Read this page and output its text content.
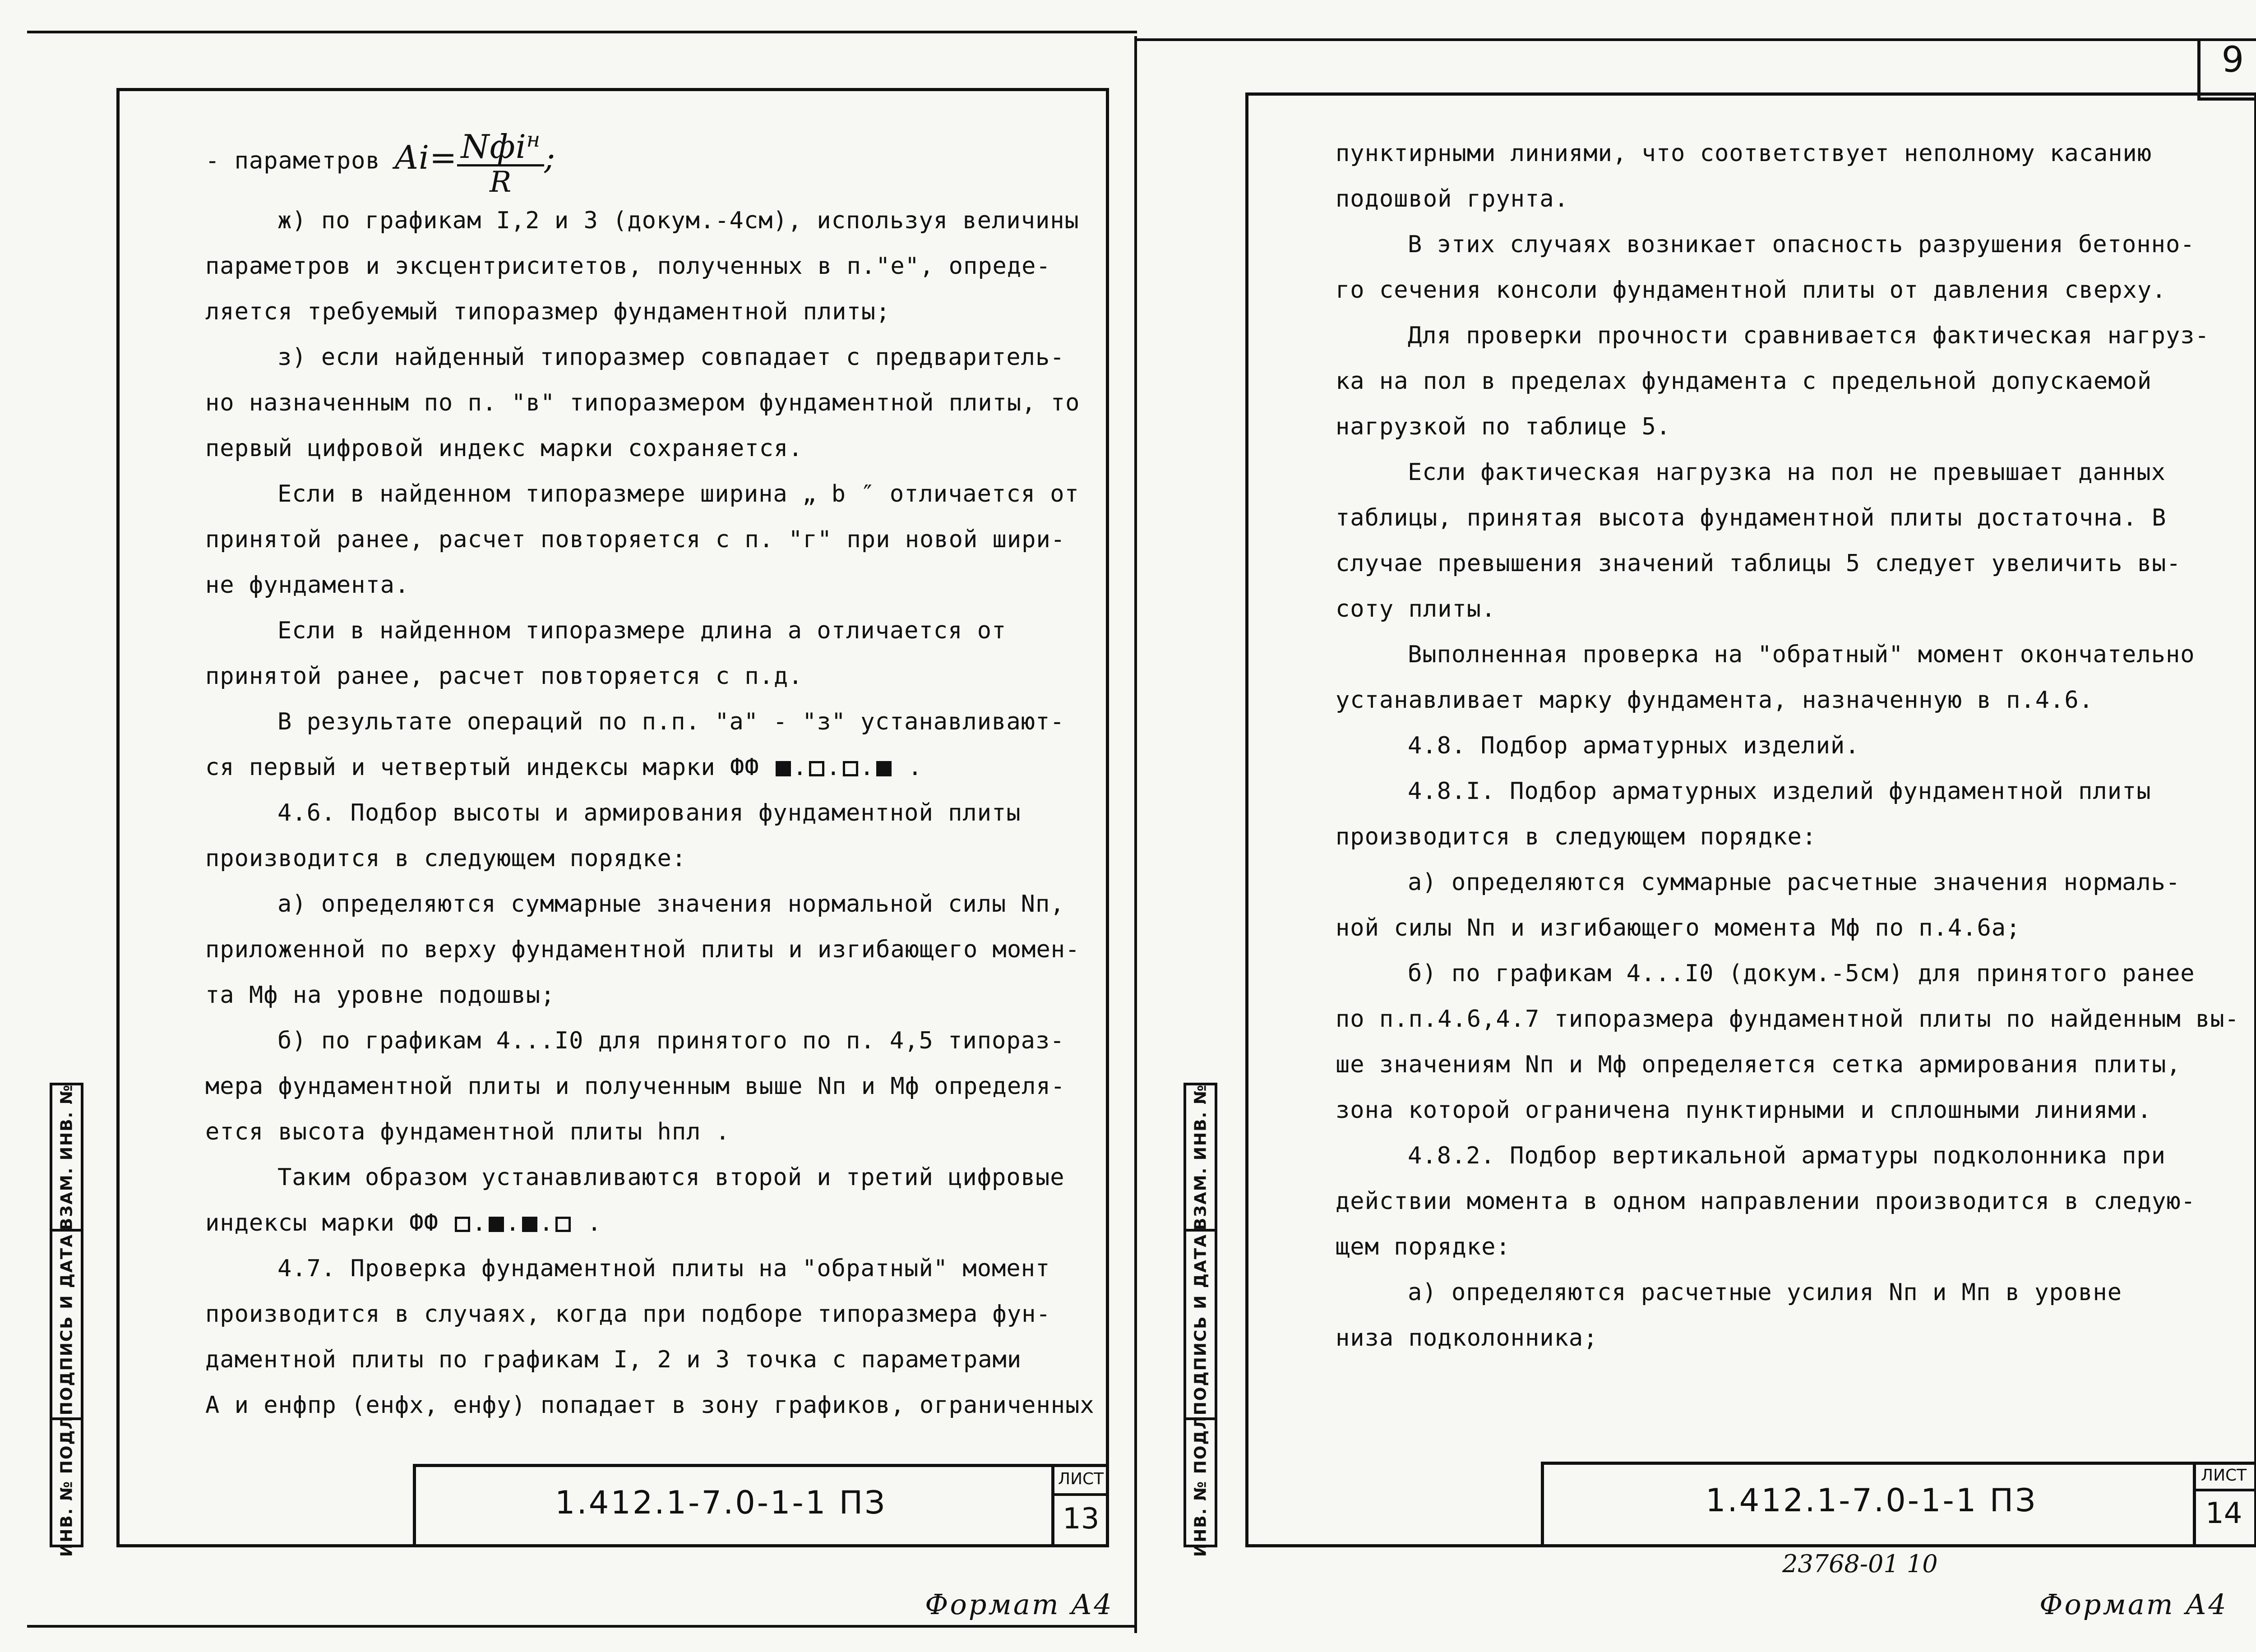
- параметров $Ai= \frac{Nфi^н}{R}$ ;

ж) по графикам I,2 и 3 (докум.-4см), используя величины

параметров и эксцентриситетов, полученных в п."е", опреде-

ляется требуемый типоразмер фундаментной плиты;

з) если найденный типоразмер совпадает с предваритель-

но назначенным по п. "в" типоразмером фундаментной плиты, то

первый цифровой индекс марки сохраняется.

Если в найденном типоразмере ширина „ b ″ отличается от

принятой ранее, расчет повторяется с п. "г" при новой шири-

не фундамента.

Если в найденном типоразмере длина a отличается от

принятой ранее, расчет повторяется с п.д.

В результате операций по п.п. "а" - "з" устанавливают-

ся первый и четвертый индексы марки ФФ . . . .

4.6. Подбор высоты и армирования фундаментной плиты

производится в следующем порядке:

а) определяются суммарные значения нормальной силы Nп,

приложенной по верху фундаментной плиты и изгибающего момен-

та Mф на уровне подошвы;

б) по графикам 4...I0 для принятого по п. 4,5 типораз-

мера фундаментной плиты и полученным выше Nп и Mф определя-

ется высота фундаментной плиты hпл .

Таким образом устанавливаются второй и третий цифровые

индексы марки ФФ . . . .

4.7. Проверка фундаментной плиты на "обратный" момент

производится в случаях, когда при подборе типоразмера фун-

даментной плиты по графикам I, 2 и 3 точка с параметрами

A и eнфпр (eнфх, eнфу) попадает в зону графиков, ограниченных

1.412.1-7.0-1-1 ПЗ
ЛИСТ
13
ВЗАМ. ИНВ. №
ПОДПИСЬ И ДАТА
ИНВ. № ПОДЛ.
Формат А4
9

пунктирными линиями, что соответствует неполному касанию

подошвой грунта.

В этих случаях возникает опасность разрушения бетонно-

го сечения консоли фундаментной плиты от давления сверху.

Для проверки прочности сравнивается фактическая нагруз-

ка на пол в пределах фундамента с предельной допускаемой

нагрузкой по таблице 5.

Если фактическая нагрузка на пол не превышает данных

таблицы, принятая высота фундаментной плиты достаточна. В

случае превышения значений таблицы 5 следует увеличить вы-

соту плиты.

Выполненная проверка на "обратный" момент окончательно

устанавливает марку фундамента, назначенную в п.4.6.

4.8. Подбор арматурных изделий.

4.8.I. Подбор арматурных изделий фундаментной плиты

производится в следующем порядке:

а) определяются суммарные расчетные значения нормаль-

ной силы Nп и изгибающего момента Mф по п.4.6а;

б) по графикам 4...I0 (докум.-5см) для принятого ранее

по п.п.4.6,4.7 типоразмера фундаментной плиты по найденным вы-

ше значениям Nп и Mф определяется сетка армирования плиты,

зона которой ограничена пунктирными и сплошными линиями.

4.8.2. Подбор вертикальной арматуры подколонника при

действии момента в одном направлении производится в следую-

щем порядке:

а) определяются расчетные усилия Nп и Mп в уровне

низа подколонника;

1.412.1-7.0-1-1 ПЗ
ЛИСТ
14
23768-01 10
ВЗАМ. ИНВ. №
ПОДПИСЬ И ДАТА
ИНВ. № ПОДЛ.
Формат А4
